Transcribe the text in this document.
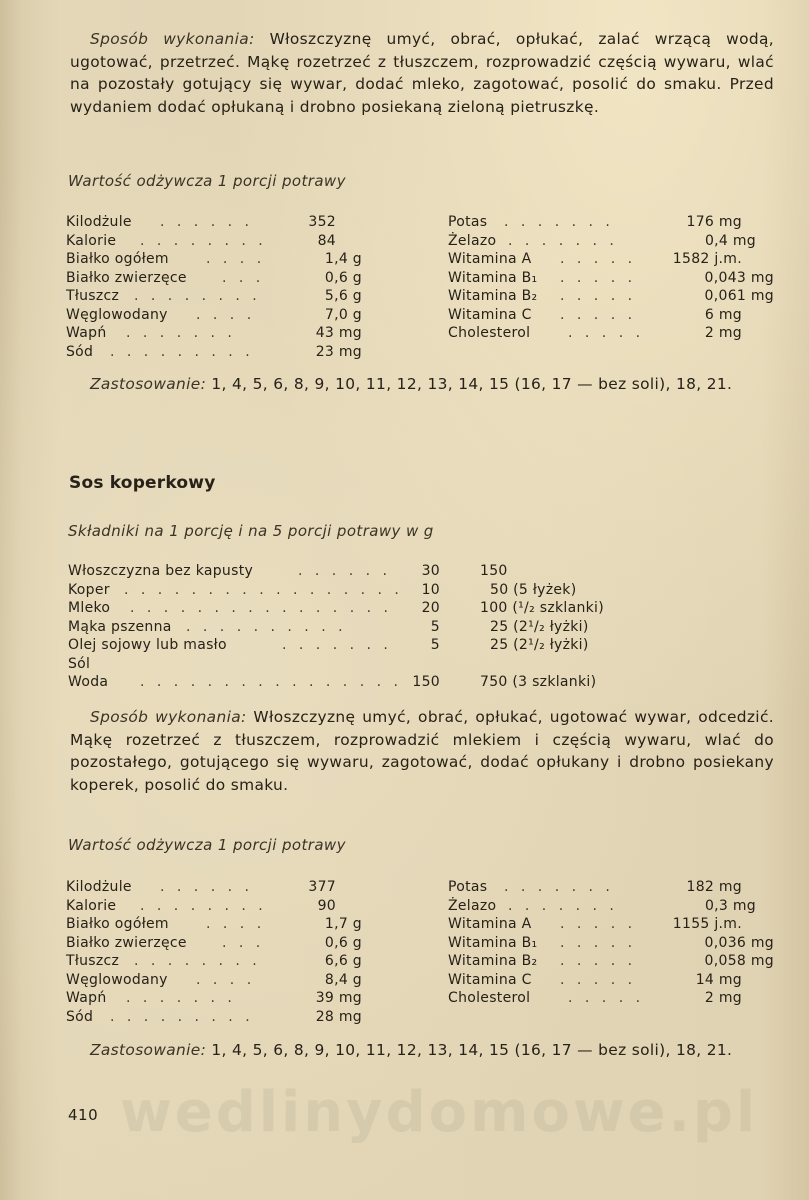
Sposób wykonania: Włoszczyznę umyć, obrać, opłukać, zalać wrzącą wodą, ugotować, przetrzeć. Mąkę rozetrzeć z tłuszczem, rozprowadzić częścią wywaru, wlać na pozostały gotujący się wywar, dodać mleko, zagotować, posolić do smaku. Przed wydaniem dodać opłukaną i drobno posiekaną zieloną pietruszkę.
Wartość odżywcza 1 porcji potrawy
Kilodżule . . . . . .	352
Kalorie . . . . . . . .	84
Białko ogółem	. . . .	1,4 g
Białko zwierzęce	. . .	0,6 g
Tłuszcz . . . . . . . .	5,6 g
Węglowodany . . . .	7,0 g
Wapń . . . . . . .	43 mg
Sód . . . . . . . . .	23 mg
Potas . . . . . . .	176 mg
Żelazo . . . . . . .	0,4 mg
Witamina A . . . . .	1582 j.m.
Witamina B₁ . . . . .	0,043 mg
Witamina B₂ . . . . .	0,061 mg
Witamina C . . . . .	6 mg
Cholesterol	. . . . .	2 mg
Zastosowanie: 1, 4, 5, 6, 8, 9, 10, 11, 12, 13, 14, 15 (16, 17 — bez soli), 18, 21.
Sos koperkowy
Składniki na 1 porcję i na 5 porcji potrawy w g
Włoszczyzna bez kapusty	. . . . . . 30	150
Koper . . . . . . . . . . . . . . . . . 10	50 (5 łyżek)
Mleko . . . . . . . . . . . . . . . . 20	100 (¹/₂ szklanki)
Mąka pszenna . . . . . . . . . .	5	25 (2¹/₂ łyżki)
Olej sojowy lub masło	. . . . . . .	5	25 (2¹/₂ łyżki)
Sól
Woda . . . . . . . . . . . . . . . . 150	750 (3 szklanki)
Sposób wykonania: Włoszczyznę umyć, obrać, opłukać, ugotować wywar, odcedzić. Mąkę rozetrzeć z tłuszczem, rozprowadzić mlekiem i częścią wywaru, wlać do pozostałego, gotującego się wywaru, zagotować, dodać opłukany i drobno posiekany koperek, posolić do smaku.
Wartość odżywcza 1 porcji potrawy
Kilodżule . . . . . .	377
Kalorie . . . . . . . .	90
Białko ogółem	. . . .	1,7 g
Białko zwierzęce	. . .	0,6 g
Tłuszcz . . . . . . . .	6,6 g
Węglowodany . . . .	8,4 g
Wapń . . . . . . .	39 mg
Sód . . . . . . . . .	28 mg
Potas . . . . . . .	182 mg
Żelazo . . . . . . .	0,3 mg
Witamina A . . . . .	1155 j.m.
Witamina B₁ . . . . .	0,036 mg
Witamina B₂ . . . . .	0,058 mg
Witamina C . . . . .	14 mg
Cholesterol	. . . . .	2 mg
Zastosowanie: 1, 4, 5, 6, 8, 9, 10, 11, 12, 13, 14, 15 (16, 17 — bez soli), 18, 21.
wedlinydomowe.pl
410
